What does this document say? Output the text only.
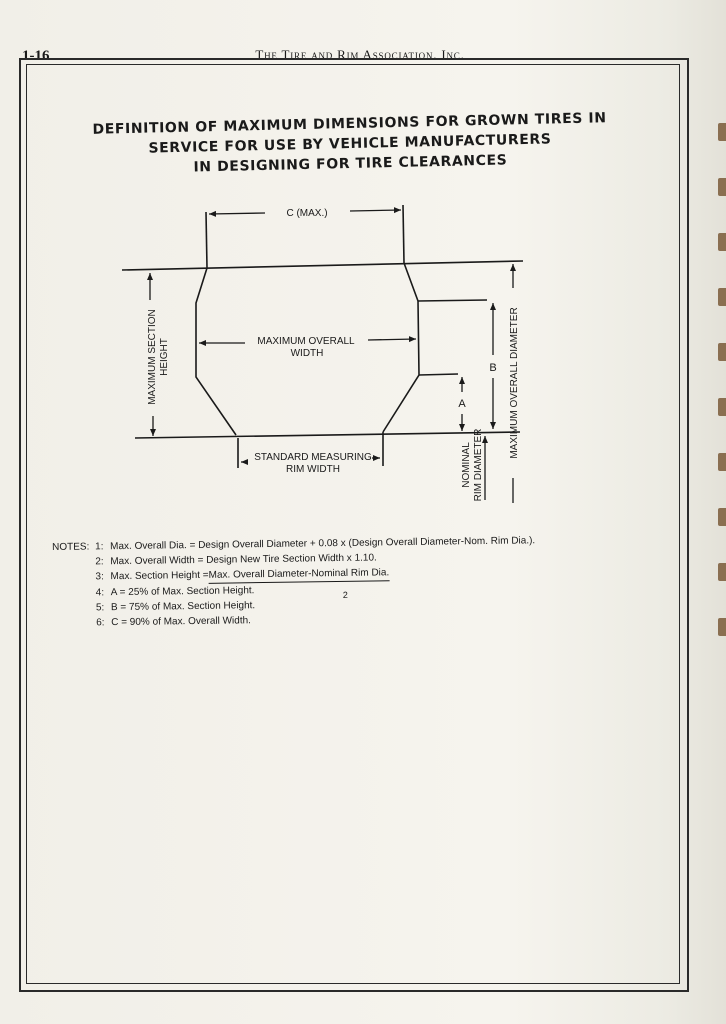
1-16	The Tire and Rim Association. Inc.
DEFINITION OF MAXIMUM DIMENSIONS FOR GROWN TIRES IN
SERVICE FOR USE BY VEHICLE MANUFACTURERS
IN DESIGNING FOR TIRE CLEARANCES
C (MAX.)
MAXIMUM OVERALL
WIDTH
MAXIMUM SECTION HEIGHT
STANDARD MEASURING
RIM WIDTH
A
B
NOMINAL RIM DIAMETER
MAXIMUM OVERALL DIAMETER
NOTES: 1: Max. Overall Dia. = Design Overall Diameter + 0.08 x (Design Overall Diameter-Nom. Rim Dia.).
2: Max. Overall Width = Design New Tire Section Width x 1.10.
3: Max. Section Height = Max. Overall Diameter-Nominal Rim Dia.
2
4: A = 25% of Max. Section Height.
5: B = 75% of Max. Section Height.
6: C = 90% of Max. Overall Width.
